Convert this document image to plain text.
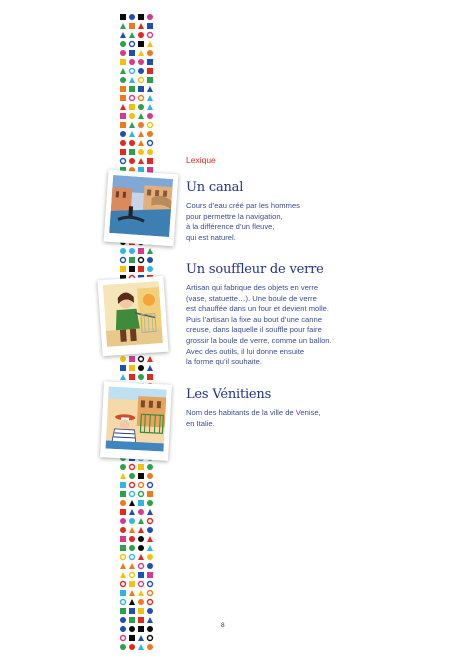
Lexique
Un canal
Cours d’eau créé par les hommes
pour permettre la navigation,
à la différence d’un fleuve,
qui est naturel.
Un souffleur de verre
Artisan qui fabrique des objets en verre
(vase, statuette…). Une boule de verre
est chauffée dans un four et devient molle.
Puis l’artisan la fixe au bout d’une canne
creuse, dans laquelle il souffle pour faire
grossir la boule de verre, comme un ballon.
Avec des outils, il lui donne ensuite
la forme qu’il souhaite.
Les Vénitiens
Nom des habitants de la ville de Venise,
en Italie.
8
